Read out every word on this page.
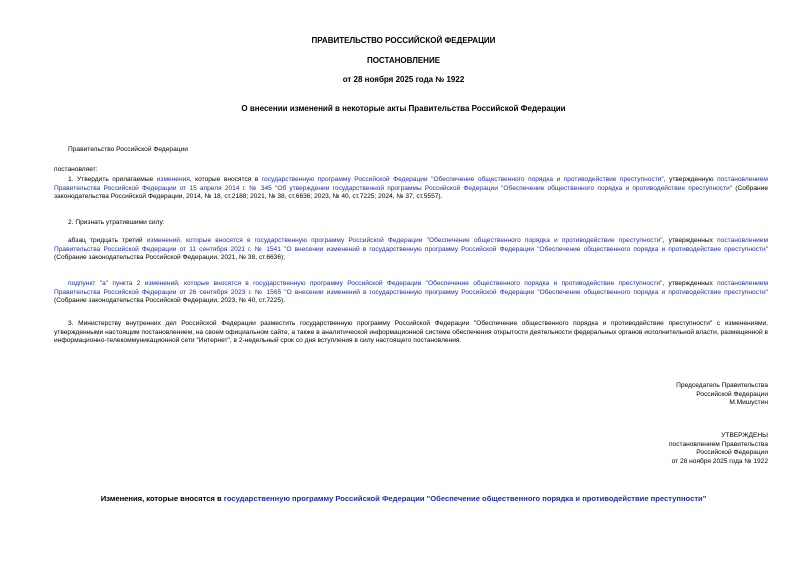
ПРАВИТЕЛЬСТВО РОССИЙСКОЙ ФЕДЕРАЦИИ
ПОСТАНОВЛЕНИЕ
от 28 ноября 2025 года № 1922
О внесении изменений в некоторые акты Правительства Российской Федерации
Правительство Российской Федерации
постановляет:
1. Утвердить прилагаемые изменения, которые вносятся в государственную программу Российской Федерации "Обеспечение общественного порядка и противодействие преступности", утвержденную постановлением Правительства Российской Федерации от 15 апреля 2014 г. № 345 "Об утверждении государственной программы Российской Федерации "Обеспечение общественного порядка и противодействие преступности" (Собрание законодательства Российской Федерации, 2014, № 18, ст.2188; 2021, № 38, ст.6636; 2023, № 40, ст.7225; 2024, № 37, ст.5557).
2. Признать утратившими силу:
абзац тридцать третий изменений, которые вносятся в государственную программу Российской Федерации "Обеспечение общественного порядка и противодействие преступности", утвержденных постановлением Правительства Российской Федерации от 11 сентября 2021 г. № 1541 "О внесении изменений в государственную программу Российской Федерации "Обеспечение общественного порядка и противодействие преступности" (Собрание законодательства Российской Федерации, 2021, № 38, ст.6636);
подпункт "а" пункта 2 изменений, которые вносятся в государственную программу Российской Федерации "Обеспечение общественного порядка и противодействие преступности", утвержденных постановлением Правительства Российской Федерации от 26 сентября 2023 г. № 1565 "О внесении изменений в государственную программу Российской Федерации "Обеспечение общественного порядка и противодействие преступности" (Собрание законодательства Российской Федерации, 2023, № 40, ст.7225).
3. Министерству внутренних дел Российской Федерации разместить государственную программу Российской Федерации "Обеспечение общественного порядка и противодействие преступности" с изменениями, утвержденными настоящим постановлением, на своем официальном сайте, а также в аналитической информационной системе обеспечения открытости деятельности федеральных органов исполнительной власти, размещенной в информационно-телекоммуникационной сети "Интернет", в 2-недельный срок со дня вступления в силу настоящего постановления.
Председатель Правительства
Российской Федерации
М.Мишустин
УТВЕРЖДЕНЫ
постановлением Правительства
Российской Федерации
от 28 ноября 2025 года № 1922
Изменения, которые вносятся в государственную программу Российской Федерации "Обеспечение общественного порядка и противодействие преступности"
